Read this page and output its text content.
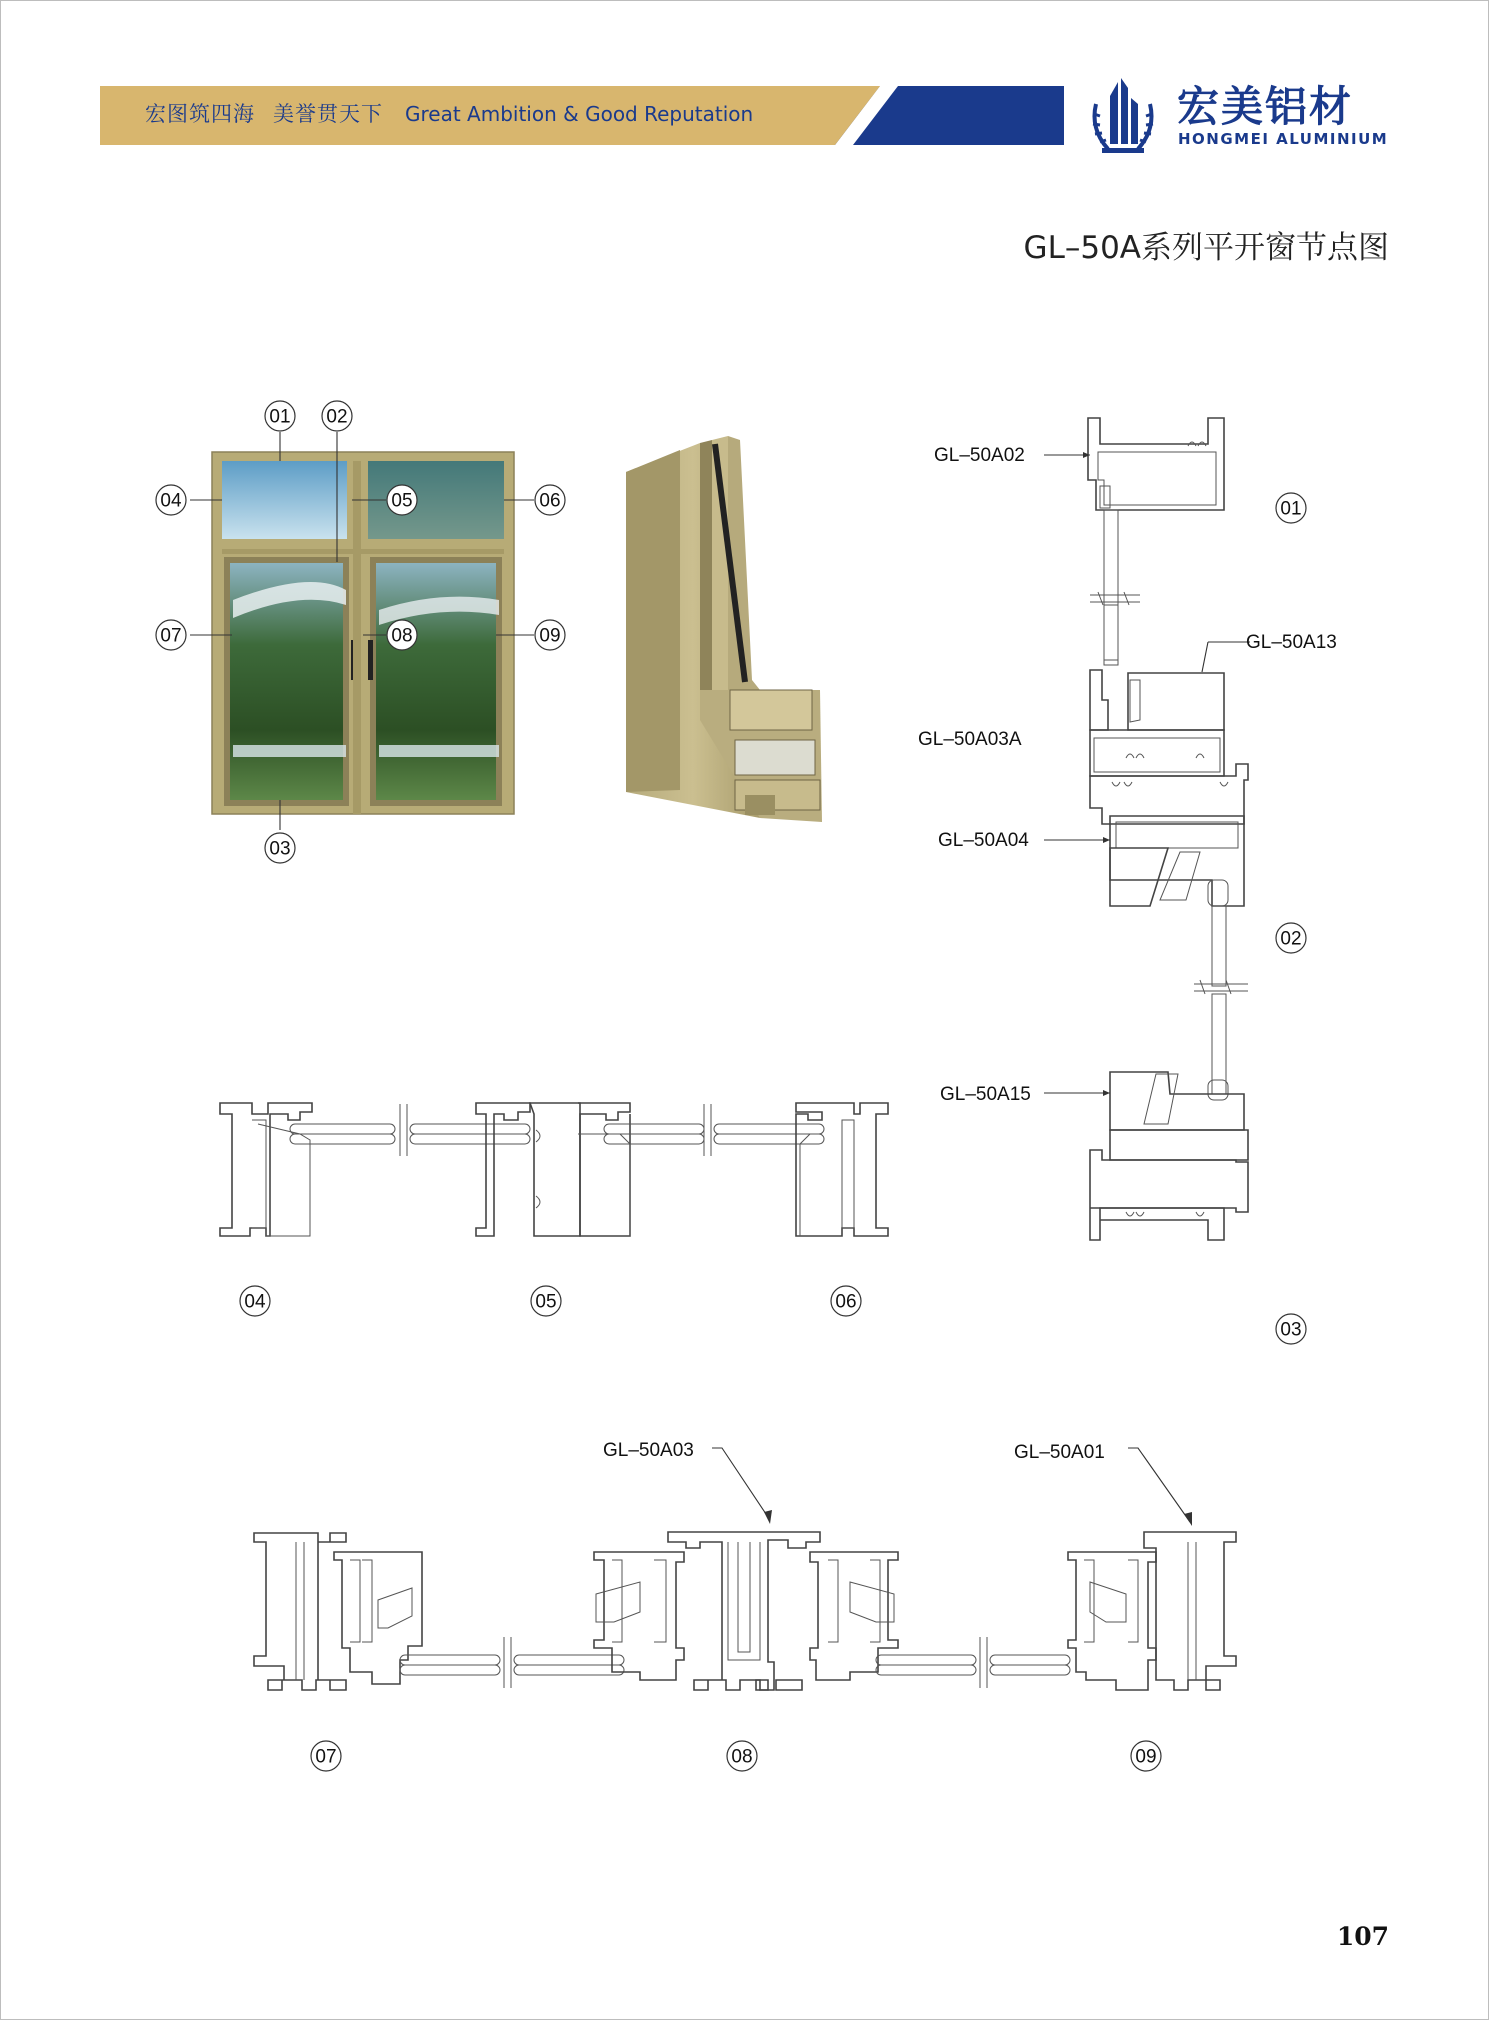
宏图筑四海 美誉贯天下 Great Ambition & Good Reputation	宏美铝材
HONGMEI ALUMINIUM
GL–50A系列平开窗节点图
01 02
04	05	06
07	08	09
03
GL–50A02
GL–50A13
GL–50A03A
GL–50A04
GL–50A15
01
02
03
04	05	06
GL–50A03	GL–50A01
07	08	09
107
